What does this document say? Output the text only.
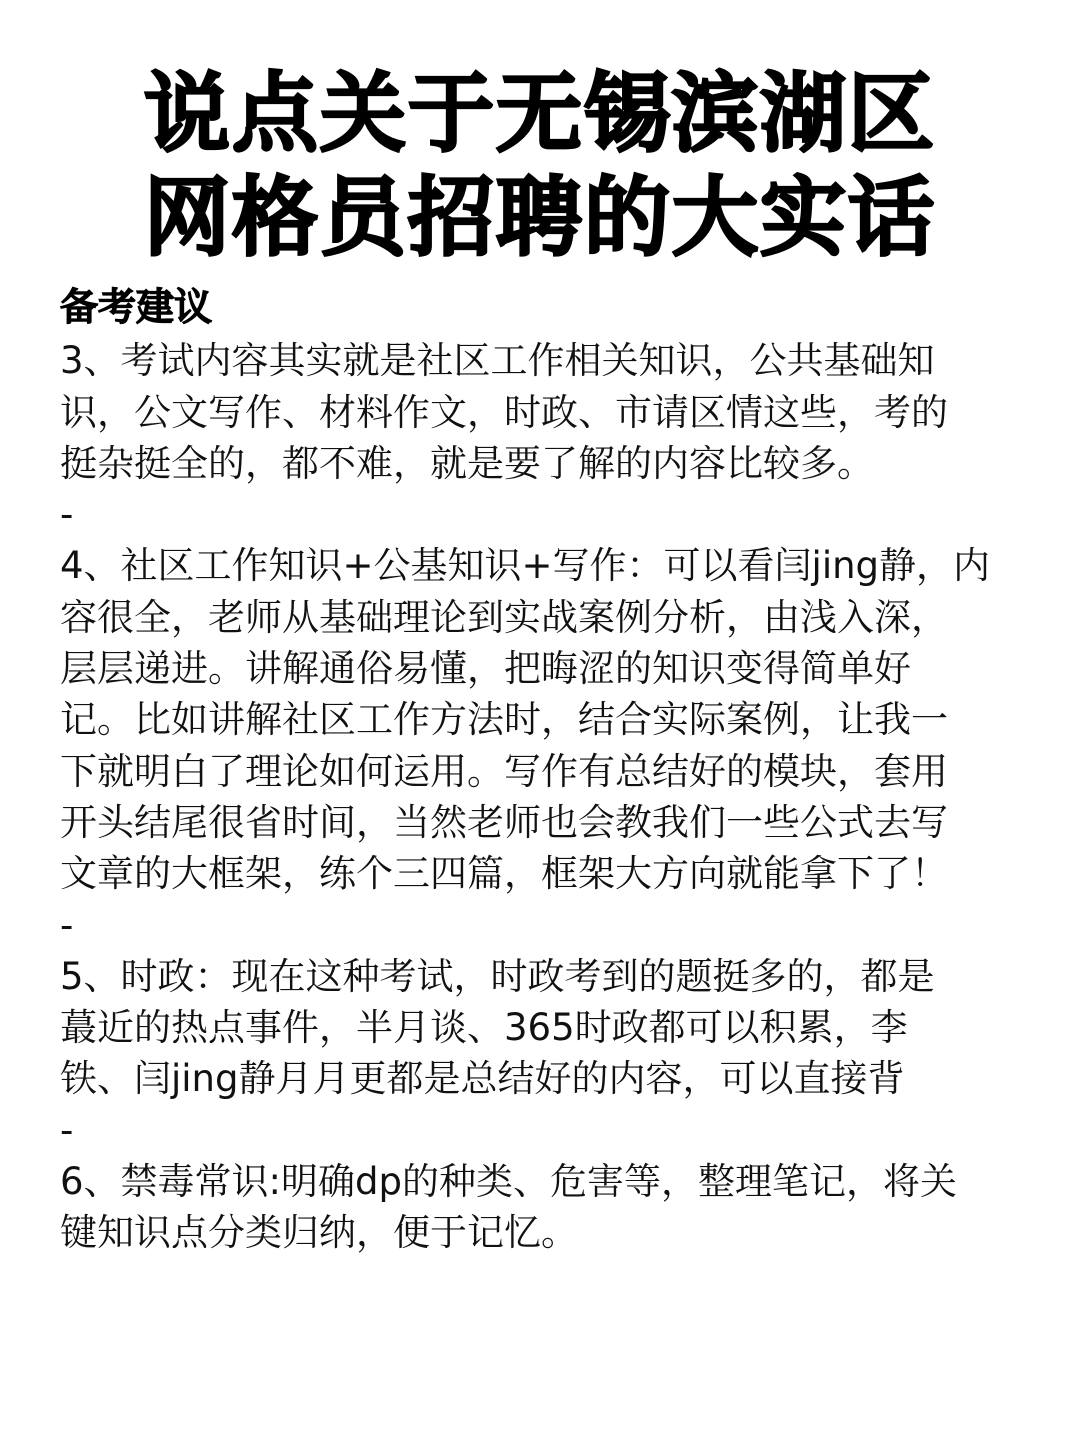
说点关于无锡滨湖区
网格员招聘的大实话
备考建议
3、考试内容其实就是社区工作相关知识，公共基础知
识，公文写作、材料作文，时政、市请区情这些，考的
挺杂挺全的，都不难，就是要了解的内容比较多。
-
4、社区工作知识+公基知识+写作：可以看闫jing静，内
容很全，老师从基础理论到实战案例分析，由浅入深，
层层递进。讲解通俗易懂，把晦涩的知识变得简单好
记。比如讲解社区工作方法时，结合实际案例，让我一
下就明白了理论如何运用。写作有总结好的模块，套用
开头结尾很省时间，当然老师也会教我们一些公式去写
文章的大框架，练个三四篇，框架大方向就能拿下了！
-
5、时政：现在这种考试，时政考到的题挺多的，都是
蕞近的热点事件，半月谈、365时政都可以积累，李
铁、闫jing静月月更都是总结好的内容，可以直接背
-
6、禁毒常识:明确dp的种类、危害等，整理笔记，将关
键知识点分类归纳，便于记忆。
